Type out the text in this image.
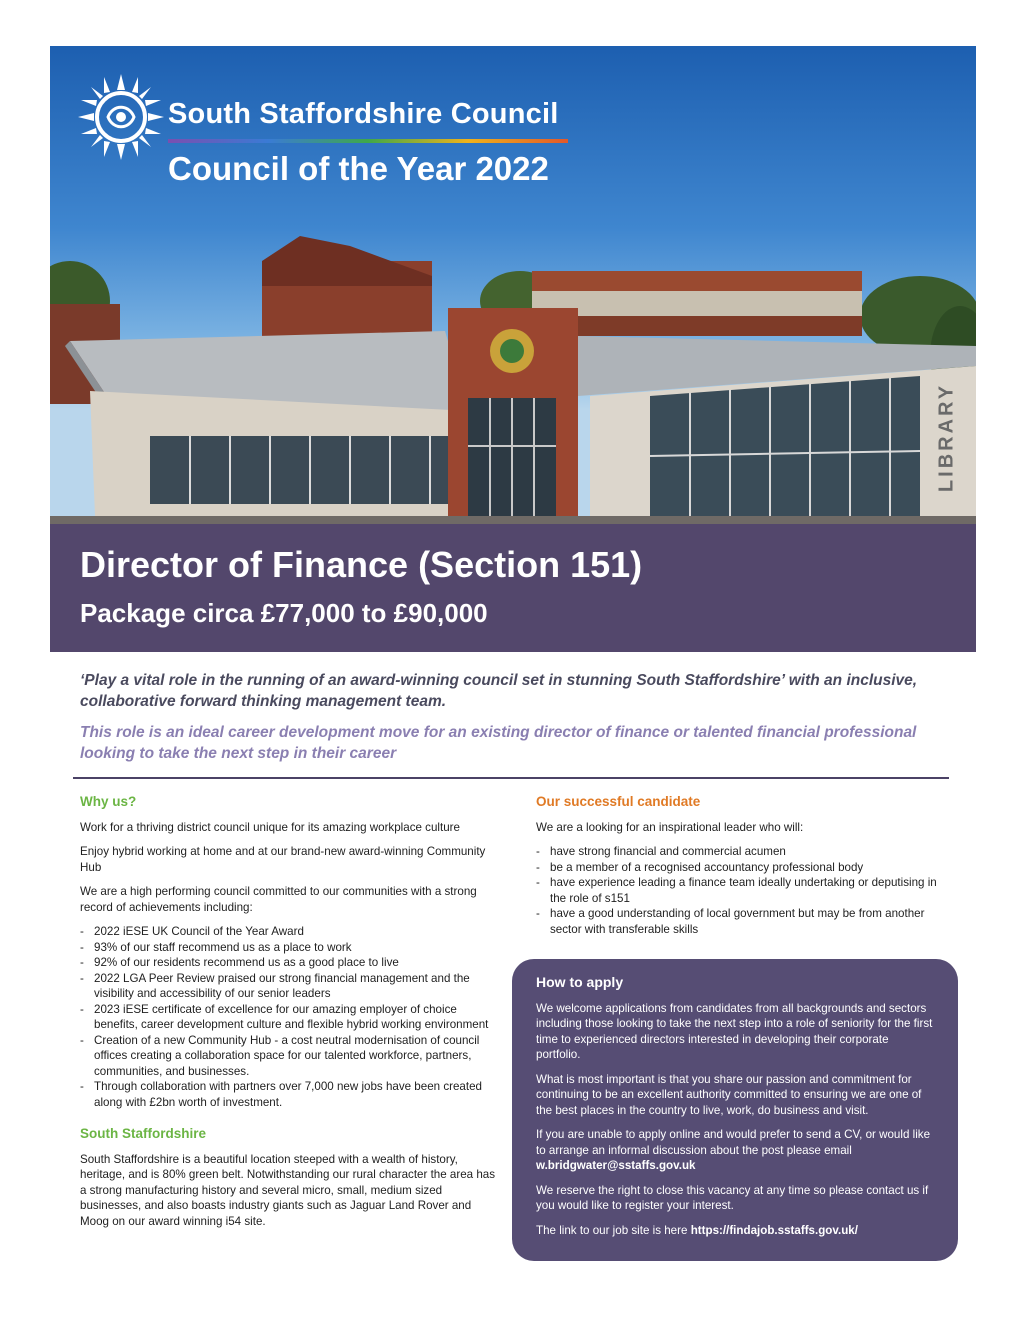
South Staffordshire Council
Council of the Year 2022
LIBRARY
Director of Finance (Section 151)
Package circa £77,000 to £90,000
‘Play a vital role in the running of an award-winning council set in stunning South Staffordshire’ with an inclusive, collaborative forward thinking management team.
This role is an ideal career development move for an existing director of finance or talented financial professional looking to take the next step in their career
Why us?

Work for a thriving district council unique for its amazing workplace culture

Enjoy hybrid working at home and at our brand-new award-winning Community Hub

We are a high performing council committed to our communities with a strong record of achievements including:

- 2022 iESE UK Council of the Year Award
- 93% of our staff recommend us as a place to work
- 92% of our residents recommend us as a good place to live
- 2022 LGA Peer Review praised our strong financial management and the visibility and accessibility of our senior leaders
- 2023 iESE certificate of excellence for our amazing employer of choice benefits, career development culture and flexible hybrid working environment
- Creation of a new Community Hub - a cost neutral modernisation of council offices creating a collaboration space for our talented workforce, partners, communities, and businesses.
- Through collaboration with partners over 7,000 new jobs have been created along with £2bn worth of investment.
South Staffordshire

South Staffordshire is a beautiful location steeped with a wealth of history, heritage, and is 80% green belt. Notwithstanding our rural character the area has a strong manufacturing history and several micro, small, medium sized businesses, and also boasts industry giants such as Jaguar Land Rover and Moog on our award winning i54 site.

Our successful candidate

We are a looking for an inspirational leader who will:

- have strong financial and commercial acumen
- be a member of a recognised accountancy professional body
- have experience leading a finance team ideally undertaking or deputising in the role of s151
- have a good understanding of local government but may be from another sector with transferable skills
How to apply

We welcome applications from candidates from all backgrounds and sectors including those looking to take the next step into a role of seniority for the first time to experienced directors interested in developing their corporate portfolio.

What is most important is that you share our passion and commitment for continuing to be an excellent authority committed to ensuring we are one of the best places in the country to live, work, do business and visit.

If you are unable to apply online and would prefer to send a CV, or would like to arrange an informal discussion about the post please email
w.bridgwater@sstaffs.gov.uk

We reserve the right to close this vacancy at any time so please contact us if you would like to register your interest.

The link to our job site is here https://findajob.sstaffs.gov.uk/
